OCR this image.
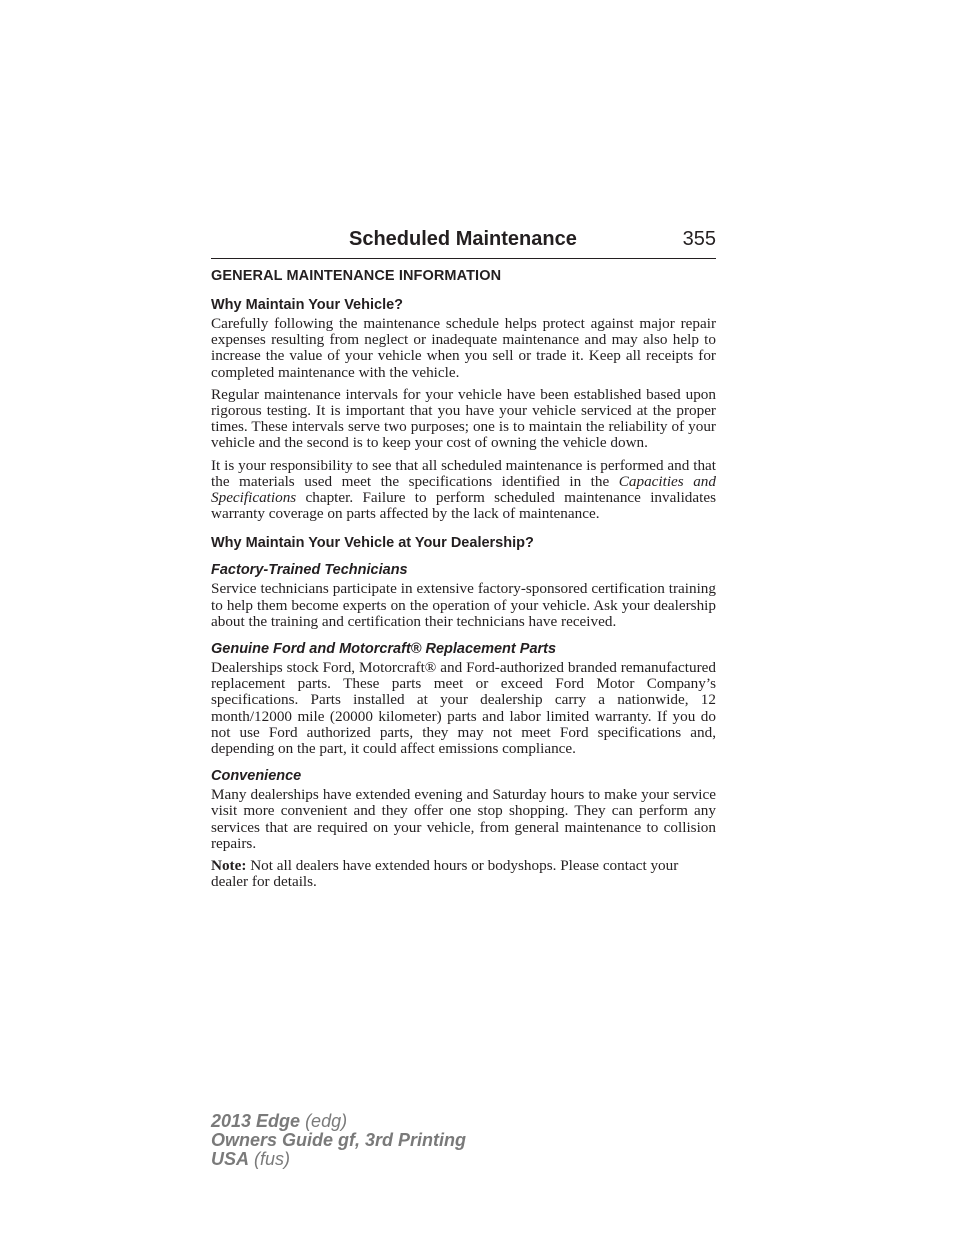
Scheduled Maintenance	355
GENERAL MAINTENANCE INFORMATION
Why Maintain Your Vehicle?

Carefully following the maintenance schedule helps protect against major repair expenses resulting from neglect or inadequate maintenance and may also help to increase the value of your vehicle when you sell or trade it. Keep all receipts for completed maintenance with the vehicle.

Regular maintenance intervals for your vehicle have been established based upon rigorous testing. It is important that you have your vehicle serviced at the proper times. These intervals serve two purposes; one is to maintain the reliability of your vehicle and the second is to keep your cost of owning the vehicle down.

It is your responsibility to see that all scheduled maintenance is performed and that the materials used meet the specifications identified in the Capacities and Specifications chapter. Failure to perform scheduled maintenance invalidates warranty coverage on parts affected by the lack of maintenance.

Why Maintain Your Vehicle at Your Dealership?
Factory-Trained Technicians

Service technicians participate in extensive factory-sponsored certification training to help them become experts on the operation of your vehicle. Ask your dealership about the training and certification their technicians have received.

Genuine Ford and Motorcraft® Replacement Parts

Dealerships stock Ford, Motorcraft® and Ford-authorized branded remanufactured replacement parts. These parts meet or exceed Ford Motor Company’s specifications. Parts installed at your dealership carry a nationwide, 12 month/12000 mile (20000 kilometer) parts and labor limited warranty. If you do not use Ford authorized parts, they may not meet Ford specifications and, depending on the part, it could affect emissions compliance.

Convenience

Many dealerships have extended evening and Saturday hours to make your service visit more convenient and they offer one stop shopping. They can perform any services that are required on your vehicle, from general maintenance to collision repairs.

Note: Not all dealers have extended hours or bodyshops. Please contact your dealer for details.

2013 Edge (edg)
Owners Guide gf, 3rd Printing
USA (fus)
